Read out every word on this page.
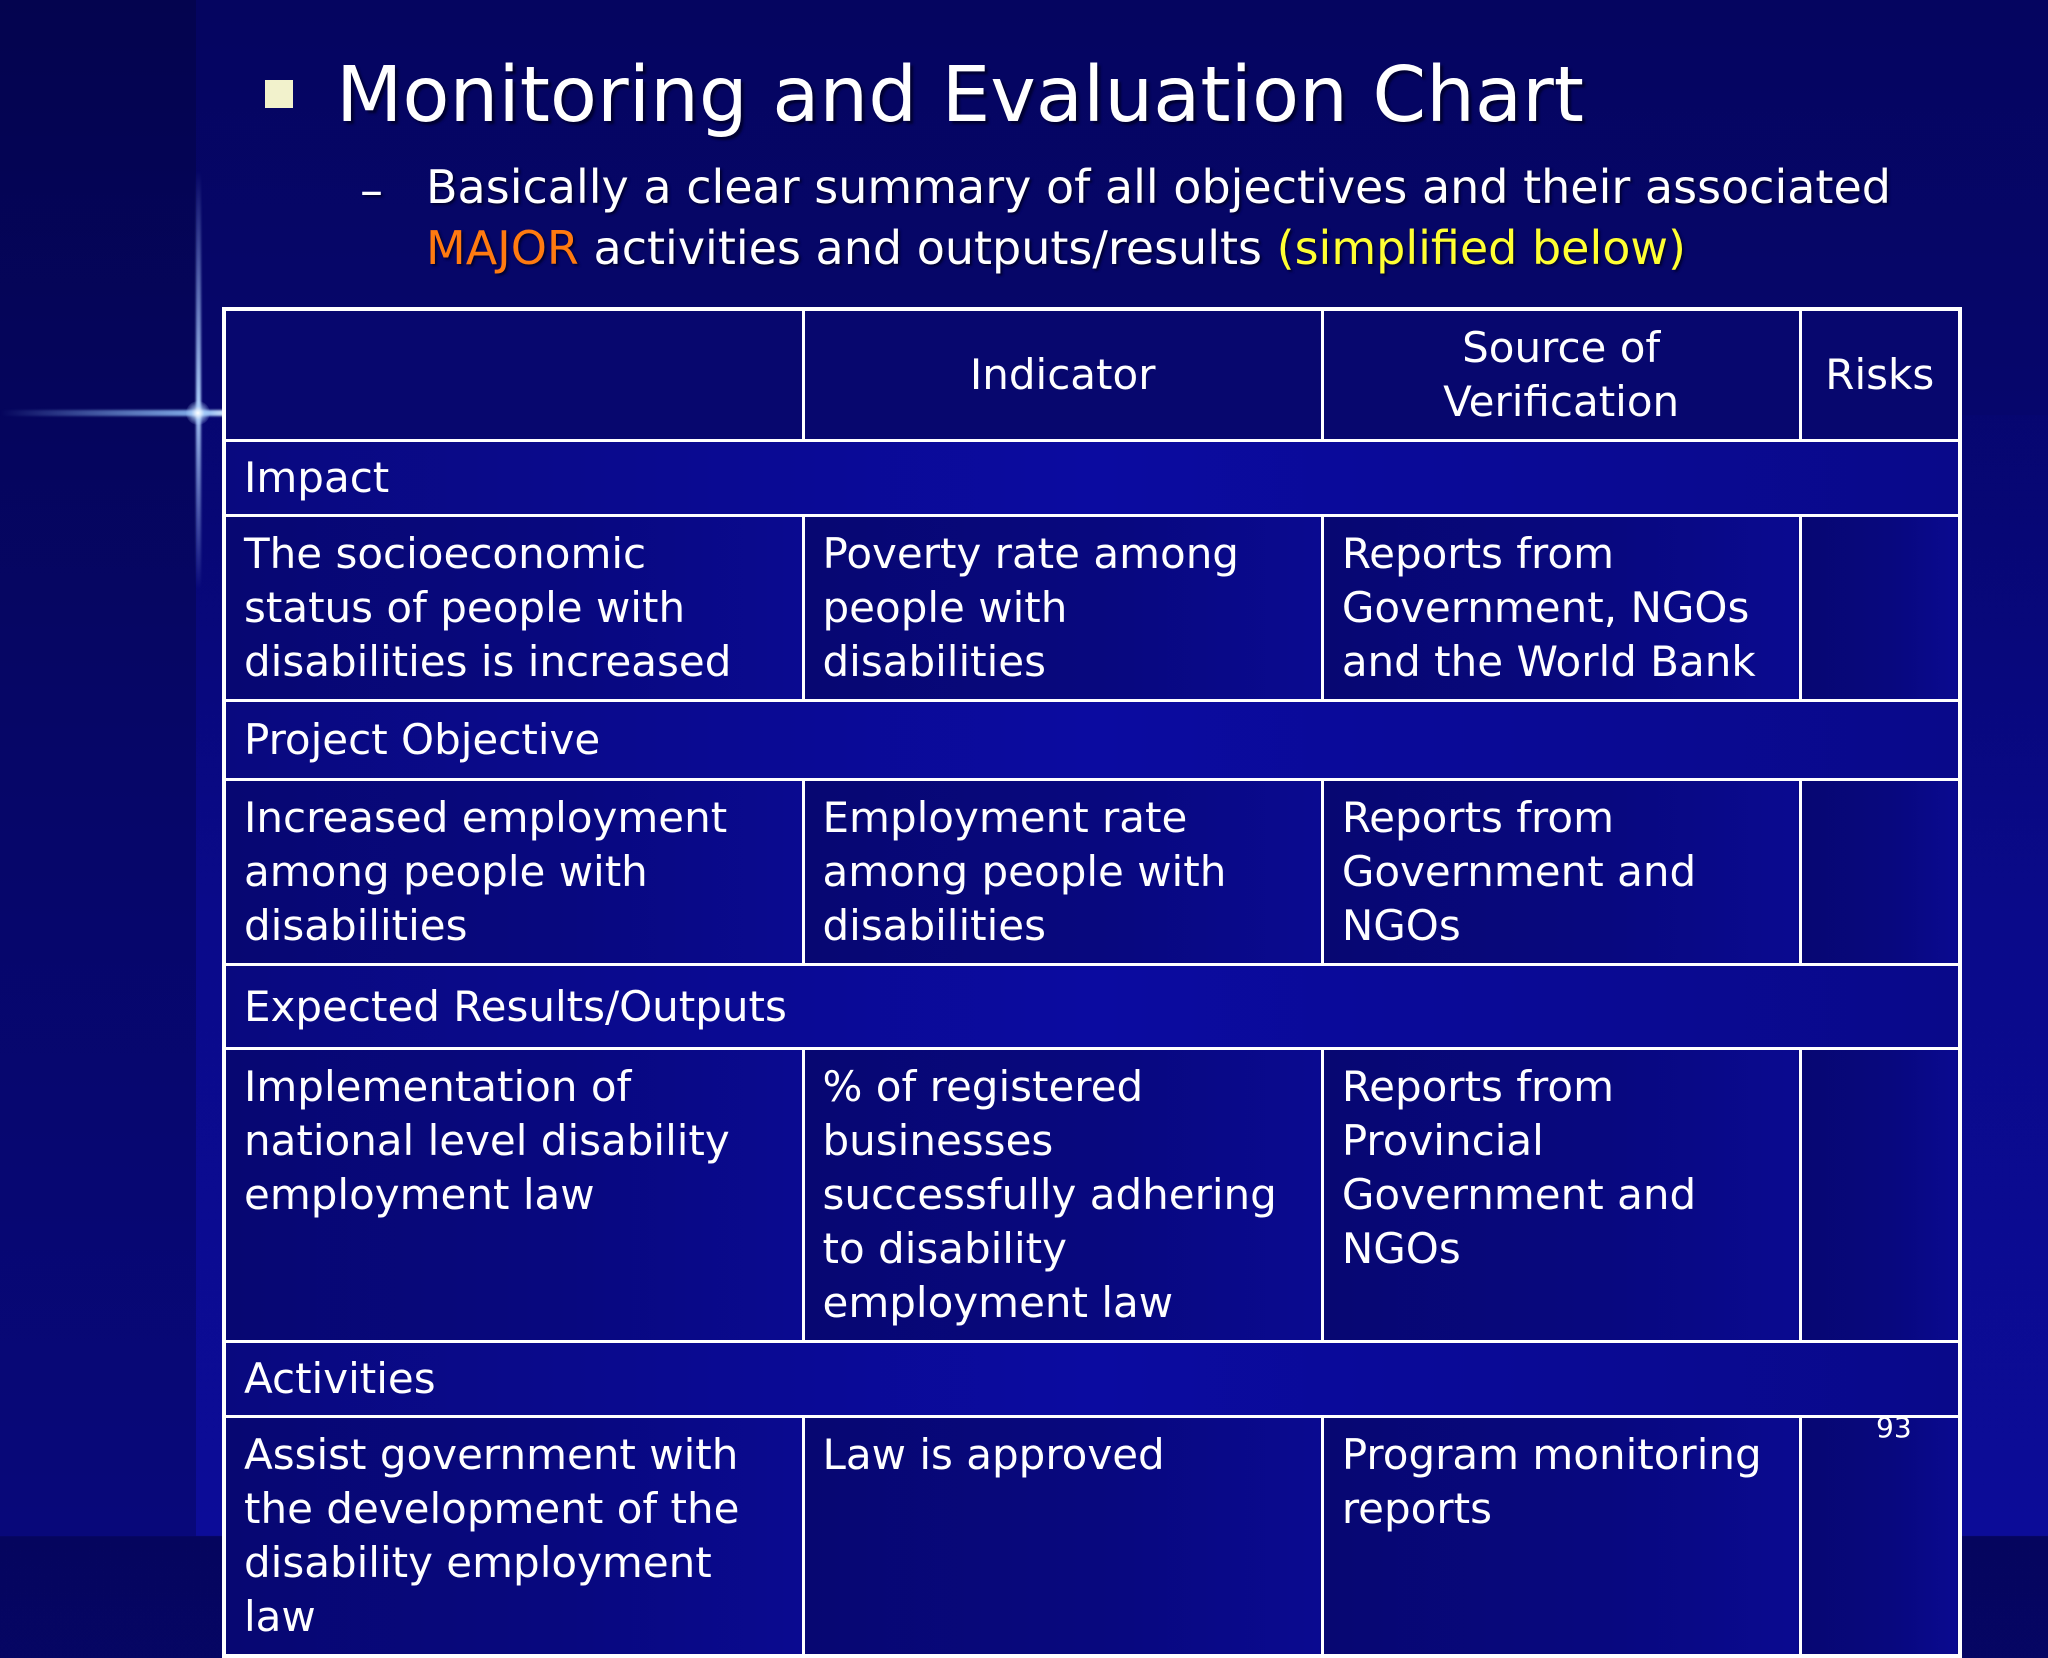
Monitoring and Evaluation Chart
– Basically a clear summary of all objectives and their associated MAJOR activities and outputs/results (simplified below)
	Indicator	Source of Verification	Risks
Impact			
The socioeconomic status of people with disabilities is increased	Poverty rate among people with disabilities	Reports from Government, NGOs and the World Bank	
Project Objective			
Increased employment among people with disabilities	Employment rate among people with disabilities	Reports from Government and NGOs	
Expected Results/Outputs			
Implementation of national level disability employment law	% of registered businesses successfully adhering to disability employment law	Reports from Provincial Government and NGOs	
Activities			
Assist government with the development of the disability employment law	Law is approved	Program monitoring reports	
93
